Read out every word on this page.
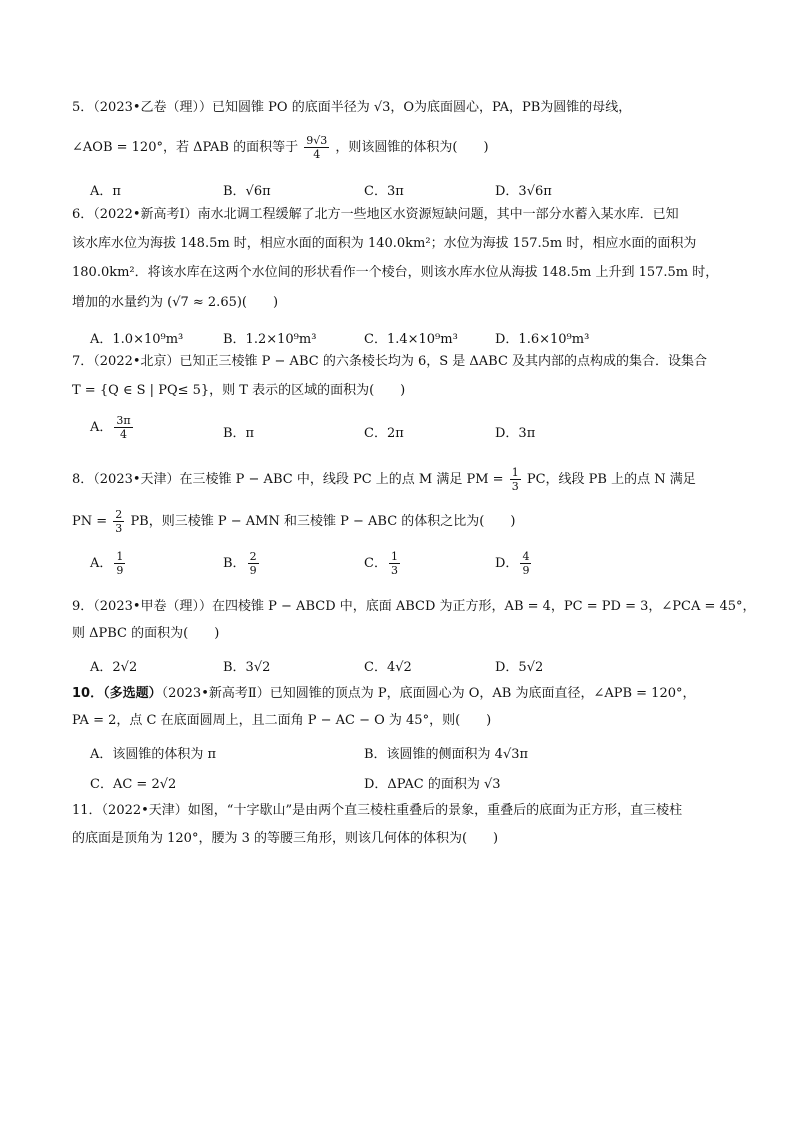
5．（2023•乙卷（理））已知圆锥 PO 的底面半径为 √3，O为底面圆心，PA，PB为圆锥的母线，
∠AOB = 120°，若 ΔPAB 的面积等于 $\frac{9√3}{4}$ ，则该圆锥的体积为(　　)
A．π	B．√6π	C．3π	D．3√6π
6．（2022•新高考Ⅰ）南水北调工程缓解了北方一些地区水资源短缺问题，其中一部分水蓄入某水库．已知
该水库水位为海拔 148.5m 时，相应水面的面积为 140.0km²；水位为海拔 157.5m 时，相应水面的面积为
180.0km²．将该水库在这两个水位间的形状看作一个棱台，则该水库水位从海拔 148.5m 上升到 157.5m 时，
增加的水量约为 (√7 ≈ 2.65)(　　)
A．1.0×10⁹m³	B．1.2×10⁹m³	C．1.4×10⁹m³	D．1.6×10⁹m³
7．（2022•北京）已知正三棱锥 P − ABC 的六条棱长均为 6，S 是 ΔABC 及其内部的点构成的集合．设集合
T = {Q ∈ S | PQ≤ 5}，则 T 表示的区域的面积为(　　)
A． $\frac{3\pi}{4}$	B．π	C．2π	D．3π
8．（2023•天津）在三棱锥 P − ABC 中，线段 PC 上的点 M 满足 PM = $\frac{1}{3}$ PC，线段 PB 上的点 N 满足
PN = $\frac{2}{3}$ PB，则三棱锥 P − AMN 和三棱锥 P − ABC 的体积之比为(　　)
A． $\frac{1}{9}$	B． $\frac{2}{9}$	C． $\frac{1}{3}$	D． $\frac{4}{9}$
9．（2023•甲卷（理））在四棱锥 P − ABCD 中，底面 ABCD 为正方形，AB = 4，PC = PD = 3，∠PCA = 45°，
则 ΔPBC 的面积为(　　)
A．2√2	B．3√2	C．4√2	D．5√2
10．（多选题）（2023•新高考Ⅱ）已知圆锥的顶点为 P，底面圆心为 O，AB 为底面直径，∠APB = 120°，
PA = 2，点 C 在底面圆周上，且二面角 P − AC − O 为 45°，则(　　)
A．该圆锥的体积为 π	B．该圆锥的侧面积为 4√3π
C．AC = 2√2	D．ΔPAC 的面积为 √3
11．（2022•天津）如图，“十字歇山”是由两个直三棱柱重叠后的景象，重叠后的底面为正方形，直三棱柱
的底面是顶角为 120°，腰为 3 的等腰三角形，则该几何体的体积为(　　)
